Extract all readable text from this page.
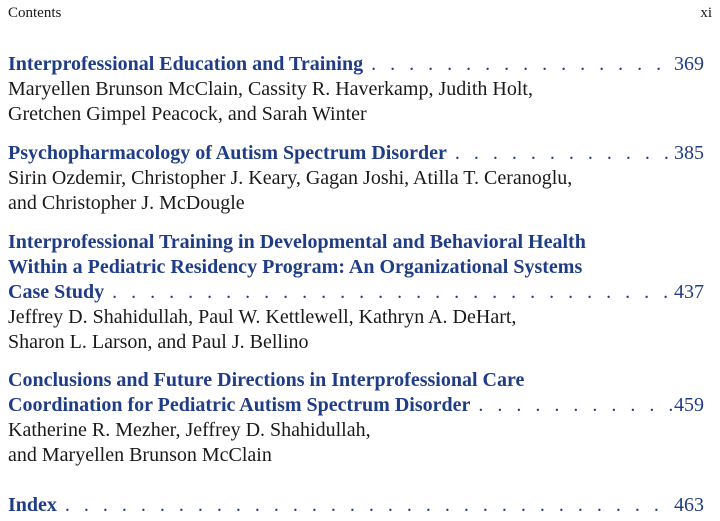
Contents	xi
Interprofessional Education and Training . . .	369
Maryellen Brunson McClain, Cassity R. Haverkamp, Judith Holt,
Gretchen Gimpel Peacock, and Sarah Winter
Psychopharmacology of Autism Spectrum Disorder . . .	385
Sirin Ozdemir, Christopher J. Keary, Gagan Joshi, Atilla T. Ceranoglu,
and Christopher J. McDougle
Interprofessional Training in Developmental and Behavioral Health
Within a Pediatric Residency Program: An Organizational Systems
Case Study . . .	437
Jeffrey D. Shahidullah, Paul W. Kettlewell, Kathryn A. DeHart,
Sharon L. Larson, and Paul J. Bellino
Conclusions and Future Directions in Interprofessional Care
Coordination for Pediatric Autism Spectrum Disorder . . .	459
Katherine R. Mezher, Jeffrey D. Shahidullah,
and Maryellen Brunson McClain
Index . . .	463
